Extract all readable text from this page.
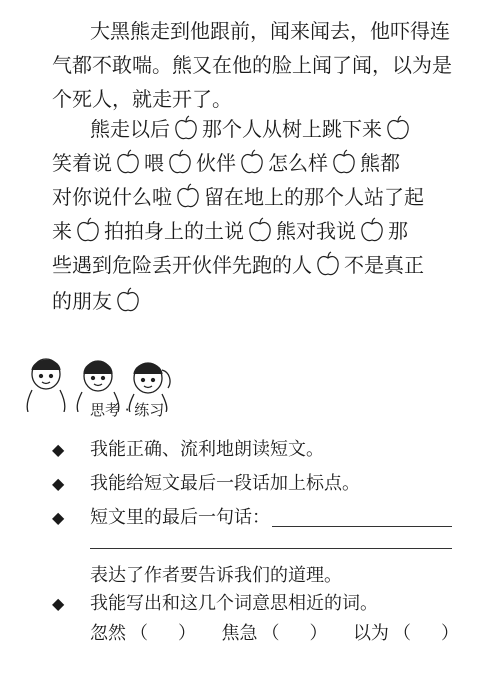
大黑熊走到他跟前，闻来闻去，他吓得连
气都不敢喘。熊又在他的脸上闻了闻，以为是
个死人，就走开了。
熊走以后 那个人从树上跳下来
笑着说 喂 伙伴 怎么样 熊都
对你说什么啦 留在地上的那个人站了起
来 拍拍身上的土说 熊对我说 那
些遇到危险丢开伙伴先跑的人 不是真正
的朋友
思考 · 练习
◆ 我能正确、流利地朗读短文。
◆ 我能给短文最后一段话加上标点。
◆ 短文里的最后一句话：
表达了作者要告诉我们的道理。
◆ 我能写出和这几个词意思相近的词。
忽然 （ ） 焦急 （ ） 以为 （ ）
